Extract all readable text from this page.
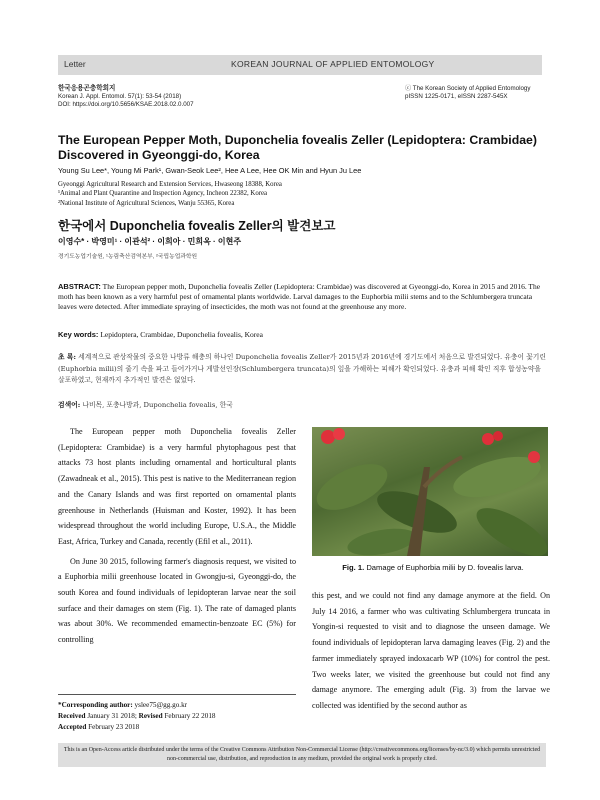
Letter	KOREAN JOURNAL OF APPLIED ENTOMOLOGY
한국응용곤충학회지
Korean J. Appl. Entomol. 57(1): 53-54 (2018)
DOI: https://doi.org/10.5656/KSAE.2018.02.0.007
ⓒ The Korean Society of Applied Entomology
pISSN 1225-0171, eISSN 2287-545X
The European Pepper Moth, Duponchelia fovealis Zeller (Lepidoptera: Crambidae) Discovered in Gyeonggi-do, Korea
Young Su Lee*, Young Mi Park¹, Gwan-Seok Lee², Hee A Lee, Hee OK Min and Hyun Ju Lee
Gyeonggi Agricultural Research and Extension Services, Hwaseong 18388, Korea
¹Animal and Plant Quarantine and Inspection Agency, Incheon 22382, Korea
²National Institute of Agricultural Sciences, Wanju 55365, Korea
한국에서 Duponchelia fovealis Zeller의 발견보고
이영수* · 박영미¹ · 이관석² · 이희아 · 민희옥 · 이현주
경기도농업기술원, ¹농림축산검역본부, ²국립농업과학원
ABSTRACT: The European pepper moth, Duponchelia fovealis Zeller (Lepidoptera: Crambidae) was discovered at Gyeonggi-do, Korea in 2015 and 2016. The moth has been known as a very harmful pest of ornamental plants worldwide. Larval damages to the Euphorbia milii stems and to the Schlumbergera truncata leaves were detected. After immediate spraying of insecticides, the moth was not found at the greenhouse any more.
Key words: Lepidoptera, Crambidae, Duponchelia fovealis, Korea
초 록: 세계적으로 관상작물의 중요한 나방류 해충의 하나인 Duponchelia fovealis Zeller가 2015년과 2016년에 경기도에서 처음으로 발견되었다. 유충이 꽃기린(Euphorbia milii)의 줄기 속을 파고 들어가거나 게발선인장(Schlumbergera truncata)의 잎을 가해하는 피해가 확인되었다. 유충과 피해 확인 직후 합성농약을 살포하였고, 현재까지 추가적인 발견은 없었다.
검색어: 나비목, 포충나방과, Duponchelia fovealis, 한국

The European pepper moth Duponchelia fovealis Zeller (Lepidoptera: Crambidae) is a very harmful phytophagous pest that attacks 73 host plants including ornamental and horticultural plants (Zawadneak et al., 2015). This pest is native to the Mediterranean region and the Canary Islands and was first reported on ornamental plants greenhouse in Netherlands (Huisman and Koster, 1992). It has been widespread throughout the world including Europe, U.S.A., the Middle East, Africa, Turkey and Canada, recently (Efil et al., 2011).

On June 30 2015, following farmer's diagnosis request, we visited to a Euphorbia milii greenhouse located in Gwongju-si, Gyeonggi-do, the south Korea and found individuals of lepidopteran larvae near the soil surface and their damages on stem (Fig. 1). The rate of damaged plants was about 30%. We recommended emamectin-benzoate EC (5%) for controlling

Fig. 1. Damage of Euphorbia milii by D. fovealis larva.
this pest, and we could not find any damage anymore at the field. On July 14 2016, a farmer who was cultivating Schlumbergera truncata in Yongin-si requested to visit and to diagnose the unseen damage. We found individuals of lepidopteran larva damaging leaves (Fig. 2) and the farmer immediately sprayed indoxacarb WP (10%) for control the pest. Two weeks later, we visited the greenhouse but could not find any damage anymore. The emerging adult (Fig. 3) from the larvae we collected was identified by the second author as
*Corresponding author: yslee75@gg.go.kr
Received January 31 2018; Revised February 22 2018
Accepted February 23 2018
This is an Open-Access article distributed under the terms of the Creative Commons Attribution Non-Commercial License (http://creativecommons.org/licenses/by-nc/3.0) which permits unrestricted non-commercial use, distribution, and reproduction in any medium, provided the original work is properly cited.
